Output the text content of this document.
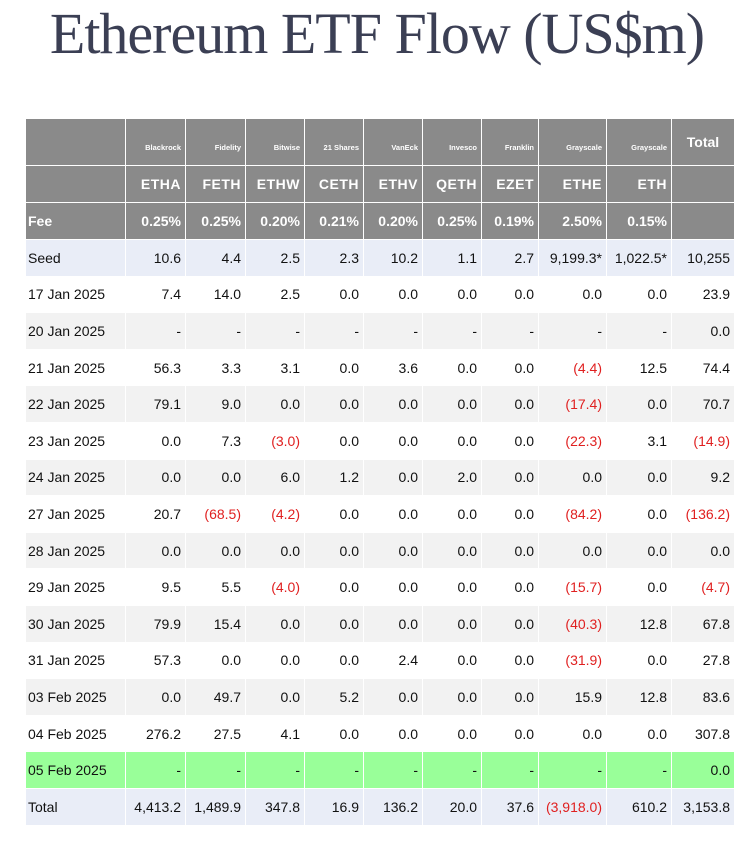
Ethereum ETF Flow (US$m)
	Blackrock	Fidelity	Bitwise	21 Shares	VanEck	Invesco	Franklin	Grayscale	Grayscale	Total
	ETHA	FETH	ETHW	CETH	ETHV	QETH	EZET	ETHE	ETH	
Fee	0.25%	0.25%	0.20%	0.21%	0.20%	0.25%	0.19%	2.50%	0.15%	
Seed	10.6	4.4	2.5	2.3	10.2	1.1	2.7	9,199.3*	1,022.5*	10,255
17 Jan 2025	7.4	14.0	2.5	0.0	0.0	0.0	0.0	0.0	0.0	23.9
20 Jan 2025	-	-	-	-	-	-	-	-	-	0.0
21 Jan 2025	56.3	3.3	3.1	0.0	3.6	0.0	0.0	(4.4)	12.5	74.4
22 Jan 2025	79.1	9.0	0.0	0.0	0.0	0.0	0.0	(17.4)	0.0	70.7
23 Jan 2025	0.0	7.3	(3.0)	0.0	0.0	0.0	0.0	(22.3)	3.1	(14.9)
24 Jan 2025	0.0	0.0	6.0	1.2	0.0	2.0	0.0	0.0	0.0	9.2
27 Jan 2025	20.7	(68.5)	(4.2)	0.0	0.0	0.0	0.0	(84.2)	0.0	(136.2)
28 Jan 2025	0.0	0.0	0.0	0.0	0.0	0.0	0.0	0.0	0.0	0.0
29 Jan 2025	9.5	5.5	(4.0)	0.0	0.0	0.0	0.0	(15.7)	0.0	(4.7)
30 Jan 2025	79.9	15.4	0.0	0.0	0.0	0.0	0.0	(40.3)	12.8	67.8
31 Jan 2025	57.3	0.0	0.0	0.0	2.4	0.0	0.0	(31.9)	0.0	27.8
03 Feb 2025	0.0	49.7	0.0	5.2	0.0	0.0	0.0	15.9	12.8	83.6
04 Feb 2025	276.2	27.5	4.1	0.0	0.0	0.0	0.0	0.0	0.0	307.8
05 Feb 2025	-	-	-	-	-	-	-	-	-	0.0
Total	4,413.2	1,489.9	347.8	16.9	136.2	20.0	37.6	(3,918.0)	610.2	3,153.8
